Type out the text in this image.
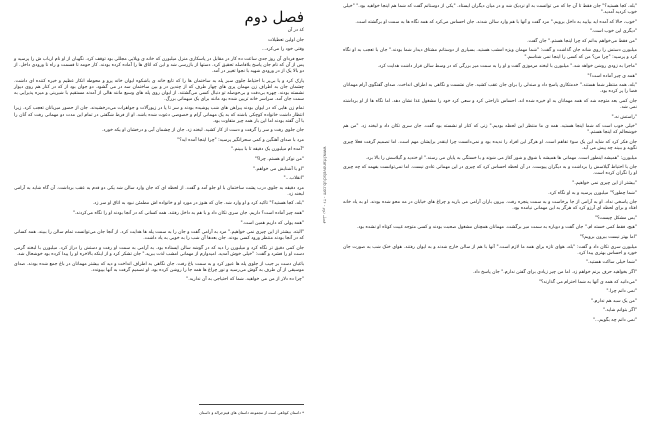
فصل دوم

کذ در آن

جان اولین تعطیلات

وقتی خود را می‌کرد...

جمع فردای آن روز جدی ساعت ده کار در مقابل در پاسکاری منزل میلبورن که خانه ی ویلایی مجللی بود توقف کرد. نگهبان از او نام ارباب ش را پرسید و پس از آن که نام جان پاسخ بلافاصله تحقیق کرد. دستها از بازرسی شد و این که اتاق ها را آماده کرده بودند. کار حومه تا قسمت و راه نا ورودی داخل. از دو بالا یک از در ورودی شهید با نجوا تغییر در آمد.

پارک کرد و یا بی‌پر با احتیاط جلوی سبز پله به ساختمان ها را که تابع خانه ی باشکوه ایوان خانه پرو و محوطه انکار عظیم و خیره کننده ای داشت. چشمان جان به اطراف زن مهمان پری های چهار طرف که از چندین در و بین ساختمان سه در می گشود. دو جوان بود از که در کنار هم روی دیوار نشسته بودند. چهره بی‌دقت و بی‌حوصله تو دنبال کسی می‌گشتند. از ایوان روی پله های وسیع مانند هالی از آمدند مستقیم با شیرینی و میزه پذیرایی به سمت جان آمد. سراسر خانه تزیین شده بود مانند برای یک میهمانی بزرگ.

تمام زن هایی که در ایوان بودند پیراهن های شب پوشیده بودند و سر تا پا در زیورآلات و جواهرات می‌درخشیدند. جان از حضور میزبانان تعجب کرد. زیرا انتظار داشت خانواده کوچکی باشند که به یک مهمانی آرام و خصوصی دعوت شده باشد. او از فرط شگفتی در تمام این مدت دو مهمانی رفت که آنان را با آن گفته بودند اما این بار همه چیز متفاوت بود.

جان جلوی رفت و سر را گرفت و دست از کار کشید. لبخند زد. جان از چشمان آبی و درخشان او یکه خورد.

مرد با صدای آهنگین و کمی سحرانگیز پرسید: "چرا اینجا آمده اید؟"

"آمده ام میلبورن یک دقیقه تا با ببینم."

"من نوکر او هستم. چرا؟"

"او با آشنایش می خواهم."

"انقلاب..."

مرد دقیقه به جلوی درب پشت ساختمان با او جلو آمد و گفت. از لحظه ای که جان وارد سالن شد یکی دو قدم به عقب برداشت. آن گاه شاید به آرامی لبخند زد.

"بله، کجا هستید؟" تاکید کرد و او وارد شد. جان که هنوز در مورد او و خانواده اش مطمئن نبود به اتاق او سر زد.

"همه چیز آماده است؟ داریم. جان سری تکان داد و با هم به داخل رفتند. همه کسانی که در آنجا بودند او را نگاه می‌کردند."

"همه پولی که داریم همین است."

"البته. بیشتر از این چیزی نمی خواهیم." مرد به آرامی گفت و جان را به سمت پله ها هدایت کرد. از آنجا جان می‌توانست تمام سالن را ببیند. همه کسانی که در آنجا بودند منتظر ورود کسی بودند. جان بعدها آن شب را به خوبی به یاد داشت.

جان کمی دقیق تر نگاه کرد و میلبورن را دید که در گوشه سالن ایستاده بود. به آرامی به سمت او رفت و دستش را دراز کرد. میلبورن با لبخند گرمی دست او را فشرد و گفت: "خیلی خوش آمدید. امیدوارم از مهمانی امشب لذت ببرید." جان تشکر کرد و از اینکه بالاخره او را پیدا کرده بود خوشحال شد.

باغبان دست بر جیب از جلوی پله ها عبور کرد و به سمت باغ رفت. جان نگاهی به اطراف انداخت و دید که بیشتر مهمانان در باغ جمع شده بودند. صدای موسیقی از آن طرف به گوش می‌رسید و نور چراغ ها همه جا را روشن کرده بود. او تصمیم گرفت به آنها بپیوندد.

"چرا ده دلار از من می خواهید. شما که احتیاجی به آن ندارید."

* داستان کوتاهی است از مجموعه داستان های فیتزجرالد و داستان
www.Irtanovelsclub.com - ۲۶ - فصل دوم

"بله، کجا هستید؟" جان فقط تا آن جا که می توانست به او نزدیک شد و در میان دیگران ایستاد. "یکی از دوستانم گفت که شما هم اینجا خواهید بود." "خیلی خوب کردید آمدید."

"خوب، حالا که آمده اید بیایید به داخل برویم." مرد گفت و آنها با هم وارد سالن شدند. جان احساس می‌کرد که همه نگاه ها به سمت او برگشته است.

"دیگری این خوب است."

"من فقط می‌خواهم بدانم که چرا اینجا هستم." جان گفت.

میلبورن دستش را روی شانه جان گذاشت و گفت: "شما مهمان ویژه امشب هستید. بسیاری از دوستانم مشتاق دیدار شما بودند." جان با تعجب به او نگاه کرد و پرسید: "چرا من؟ من که کسی را اینجا نمی شناسم."

"ماجرا به زودی روشن خواهد شد." میلبورن با لبخند مرموزی گفت و او را به سمت میز بزرگی که در وسط سالن قرار داشت هدایت کرد.

"همه ی چیز آماده است؟"

"بله، همه منتظر شما هستند." خدمتکاری پاسخ داد و صندلی را برای جان عقب کشید. جان نشست و نگاهی به اطراف انداخت. صدای گفتگوی آرام مهمانان فضا را پر کرده بود.

جان کمی بعد متوجه شد که همه مهمانان به او خیره شده اند. احساس ناراحتی کرد و سعی کرد خود را مشغول غذا نشان دهد. اما نگاه ها از او برداشته نمی شد.

"راستش نه."

"خیلی خوب است که شما اینجا هستید. همه ی ما منتظر این لحظه بودیم." زنی که کنار او نشسته بود گفت. جان سری تکان داد و لبخند زد. "من هم خوشحالم که اینجا هستم."

جان فکر کرد که شاید این یک سوء تفاهم است. او هرگز این افراد را ندیده بود و نمی‌دانست چرا اینقدر برایشان مهم است. اما تصمیم گرفت فعلا چیزی نگوید و ببیند چه پیش می آید.

میلبورن: "همیشه اینطور است. مهمانی ها همیشه با شوق و شور آغاز می شوند و با خستگی به پایان می رسند." او خندید و گیلاسش را بالا برد.

جان با احتیاط گیلاسش را برداشت و به دیگران پیوست. در آن لحظه احساس کرد که چیزی در این مهمانی عادی نیست. اما نمی‌توانست بفهمد که چه چیزی او را نگران کرده است.

"بیشتر از این چیزی نمی خواهیم."

"شما چطور؟" میلبورن پرسید و به او نگاه کرد.

جان پاسخی نداد. او به آرامی از جا برخاست و به سمت پنجره رفت. بیرون باران آرامی می بارید و چراغ های خیابان در مه محو شده بودند. او به یاد خانه افتاد و برای لحظه ای آرزو کرد که هرگز به این مهمانی نیامده بود.

"یس مشکل چیست؟"

"هیچ، فقط کمی خسته ام." جان گفت و دوباره به سمت میز برگشت. مهمانان همچنان مشغول صحبت بودند و کسی متوجه غیبت کوتاه او نشده بود.

"اما بهتر نیست بیرون برویم؟"

میلبورن سری تکان داد و گفت: "بله، هوای تازه برای همه ما لازم است." آنها با هم از سالن خارج شدند و به ایوان رفتند. هوای خنک شب به صورت جان خورد و احساس بهتری پیدا کرد.

"شما خیلی ساکت هستید."

"اگر بخواهید حرف بزنم خواهم زد. اما من چیز زیادی برای گفتن ندارم." جان پاسخ داد.

"می‌دانید که همه ی آنها به شما احترام می گذارند؟"

"نمی دانم چرا."

"من یک سبد هم ندارم."

"اگر بتوانم شاید."

"نمی دانم چه بگویم..."
